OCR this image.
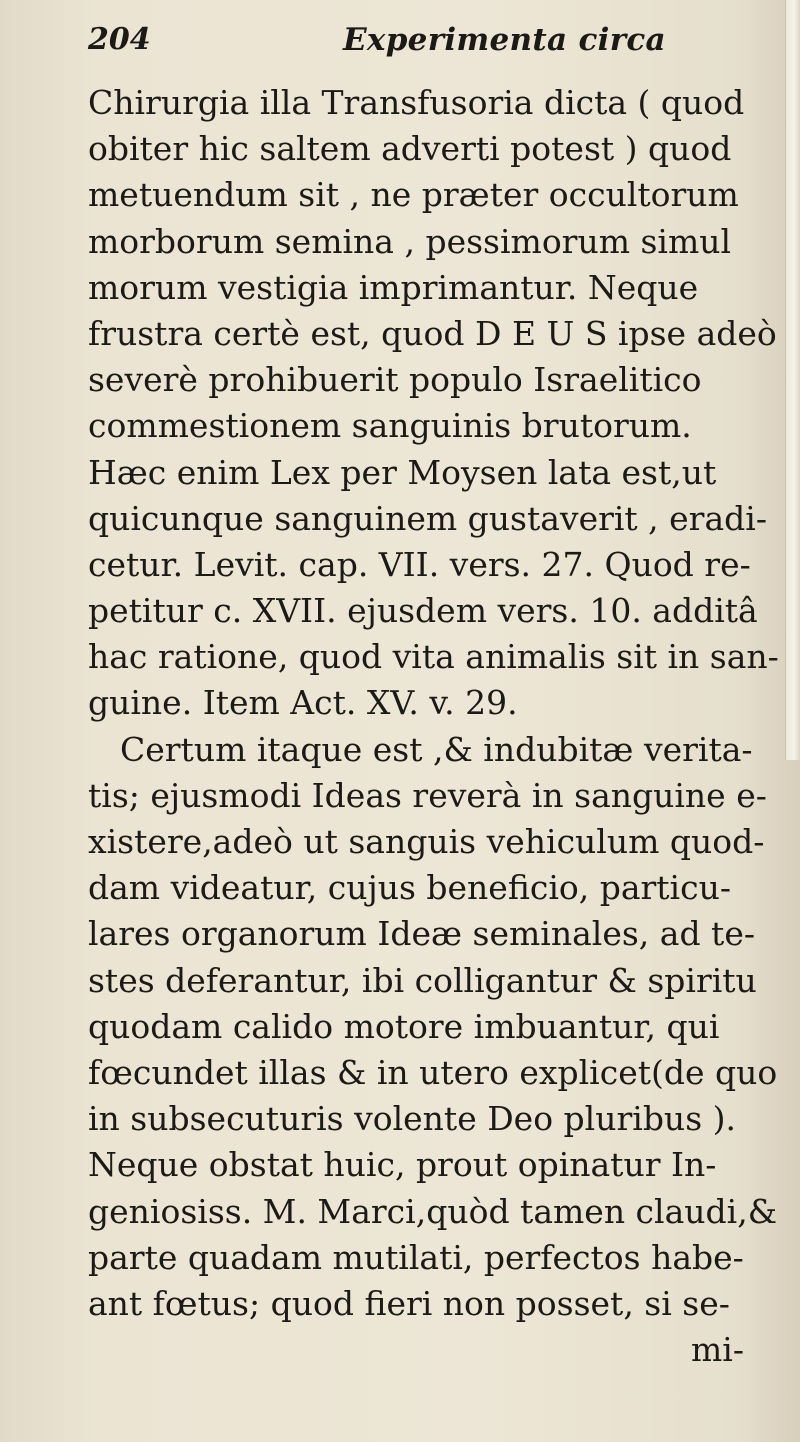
204	Experimenta circa
Chirurgia illa Transfusoria dicta ( quod
obiter hic saltem adverti potest ) quod
metuendum sit , ne præter occultorum
morborum semina , pessimorum simul
morum vestigia imprimantur. Neque
frustra certè est, quod D E U S ipse adeò
severè prohibuerit populo Israelitico
commestionem sanguinis brutorum.
Hæc enim Lex per Moysen lata est,ut
quicunque sanguinem gustaverit , eradi-
cetur. Levit. cap. VII. vers. 27. Quod re-
petitur c. XVII. ejusdem vers. 10. additâ
hac ratione, quod vita animalis sit in san-
guine. Item Act. XV. v. 29.
Certum itaque est ,& indubitæ verita-
tis; ejusmodi Ideas reverà in sanguine e-
xistere,adeò ut sanguis vehiculum quod-
dam videatur, cujus beneficio, particu-
lares organorum Ideæ seminales, ad te-
stes deferantur, ibi colligantur & spiritu
quodam calido motore imbuantur, qui
fœcundet illas & in utero explicet(de quo
in subsecuturis volente Deo pluribus ).
Neque obstat huic, prout opinatur In-
geniosiss. M. Marci,quòd tamen claudi,&
parte quadam mutilati, perfectos habe-
ant fœtus; quod fieri non posset, si se-
mi-
